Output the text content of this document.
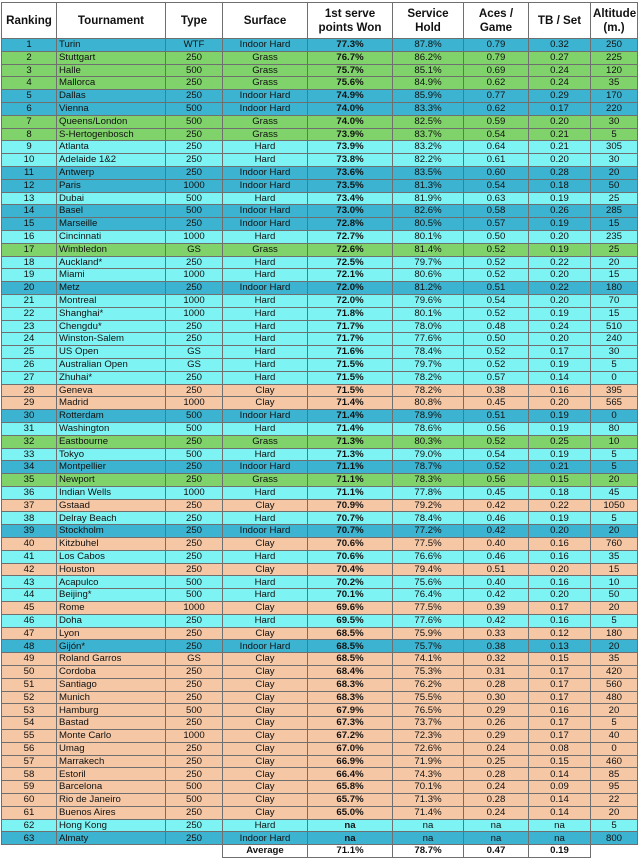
Ranking	Tournament	Type	Surface	1st serve points Won	Service Hold	Aces / Game	TB / Set	Altitude (m.)
1	Turin	WTF	Indoor Hard	77.3%	87.8%	0.79	0.32	250
2	Stuttgart	250	Grass	76.7%	86.2%	0.79	0.27	225
3	Halle	500	Grass	75.7%	85.1%	0.69	0.24	120
4	Mallorca	250	Grass	75.6%	84.9%	0.62	0.24	35
5	Dallas	250	Indoor Hard	74.9%	85.9%	0.77	0.29	170
6	Vienna	500	Indoor Hard	74.0%	83.3%	0.62	0.17	220
7	Queens/London	500	Grass	74.0%	82.5%	0.59	0.20	30
8	S-Hertogenbosch	250	Grass	73.9%	83.7%	0.54	0.21	5
9	Atlanta	250	Hard	73.9%	83.2%	0.64	0.21	305
10	Adelaide 1&2	250	Hard	73.8%	82.2%	0.61	0.20	30
11	Antwerp	250	Indoor Hard	73.6%	83.5%	0.60	0.28	20
12	Paris	1000	Indoor Hard	73.5%	81.3%	0.54	0.18	50
13	Dubai	500	Hard	73.4%	81.9%	0.63	0.19	25
14	Basel	500	Indoor Hard	73.0%	82.6%	0.58	0.26	285
15	Marseille	250	Indoor Hard	72.8%	80.5%	0.57	0.19	15
16	Cincinnati	1000	Hard	72.7%	80.1%	0.50	0.20	235
17	Wimbledon	GS	Grass	72.6%	81.4%	0.52	0.19	25
18	Auckland*	250	Hard	72.5%	79.7%	0.52	0.22	20
19	Miami	1000	Hard	72.1%	80.6%	0.52	0.20	15
20	Metz	250	Indoor Hard	72.0%	81.2%	0.51	0.22	180
21	Montreal	1000	Hard	72.0%	79.6%	0.54	0.20	70
22	Shanghai*	1000	Hard	71.8%	80.1%	0.52	0.19	15
23	Chengdu*	250	Hard	71.7%	78.0%	0.48	0.24	510
24	Winston-Salem	250	Hard	71.7%	77.6%	0.50	0.20	240
25	US Open	GS	Hard	71.6%	78.4%	0.52	0.17	30
26	Australian Open	GS	Hard	71.5%	79.7%	0.52	0.19	5
27	Zhuhai*	250	Hard	71.5%	78.2%	0.57	0.14	0
28	Geneva	250	Clay	71.5%	78.2%	0.38	0.16	395
29	Madrid	1000	Clay	71.4%	80.8%	0.45	0.20	565
30	Rotterdam	500	Indoor Hard	71.4%	78.9%	0.51	0.19	0
31	Washington	500	Hard	71.4%	78.6%	0.56	0.19	80
32	Eastbourne	250	Grass	71.3%	80.3%	0.52	0.25	10
33	Tokyo	500	Hard	71.3%	79.0%	0.54	0.19	5
34	Montpellier	250	Indoor Hard	71.1%	78.7%	0.52	0.21	5
35	Newport	250	Grass	71.1%	78.3%	0.56	0.15	20
36	Indian Wells	1000	Hard	71.1%	77.8%	0.45	0.18	45
37	Gstaad	250	Clay	70.9%	79.2%	0.42	0.22	1050
38	Delray Beach	250	Hard	70.7%	78.4%	0.46	0.19	5
39	Stockholm	250	Indoor Hard	70.7%	77.2%	0.42	0.20	20
40	Kitzbuhel	250	Clay	70.6%	77.5%	0.40	0.16	760
41	Los Cabos	250	Hard	70.6%	76.6%	0.46	0.16	35
42	Houston	250	Clay	70.4%	79.4%	0.51	0.20	15
43	Acapulco	500	Hard	70.2%	75.6%	0.40	0.16	10
44	Beijing*	500	Hard	70.1%	76.4%	0.42	0.20	50
45	Rome	1000	Clay	69.6%	77.5%	0.39	0.17	20
46	Doha	250	Hard	69.5%	77.6%	0.42	0.16	5
47	Lyon	250	Clay	68.5%	75.9%	0.33	0.12	180
48	Gijón*	250	Indoor Hard	68.5%	75.7%	0.38	0.13	20
49	Roland Garros	GS	Clay	68.5%	74.1%	0.32	0.15	35
50	Cordoba	250	Clay	68.4%	75.3%	0.31	0.17	420
51	Santiago	250	Clay	68.3%	76.2%	0.28	0.17	560
52	Munich	250	Clay	68.3%	75.5%	0.30	0.17	480
53	Hamburg	500	Clay	67.9%	76.5%	0.29	0.16	20
54	Bastad	250	Clay	67.3%	73.7%	0.26	0.17	5
55	Monte Carlo	1000	Clay	67.2%	72.3%	0.29	0.17	40
56	Umag	250	Clay	67.0%	72.6%	0.24	0.08	0
57	Marrakech	250	Clay	66.9%	71.9%	0.25	0.15	460
58	Estoril	250	Clay	66.4%	74.3%	0.28	0.14	85
59	Barcelona	500	Clay	65.8%	70.1%	0.24	0.09	95
60	Rio de Janeiro	500	Clay	65.7%	71.3%	0.28	0.14	22
61	Buenos Aires	250	Clay	65.0%	71.4%	0.24	0.14	20
62	Hong Kong	250	Hard	na	na	na	na	5
63	Almaty	250	Indoor Hard	na	na	na	na	800
			Average	71.1%	78.7%	0.47	0.19	
